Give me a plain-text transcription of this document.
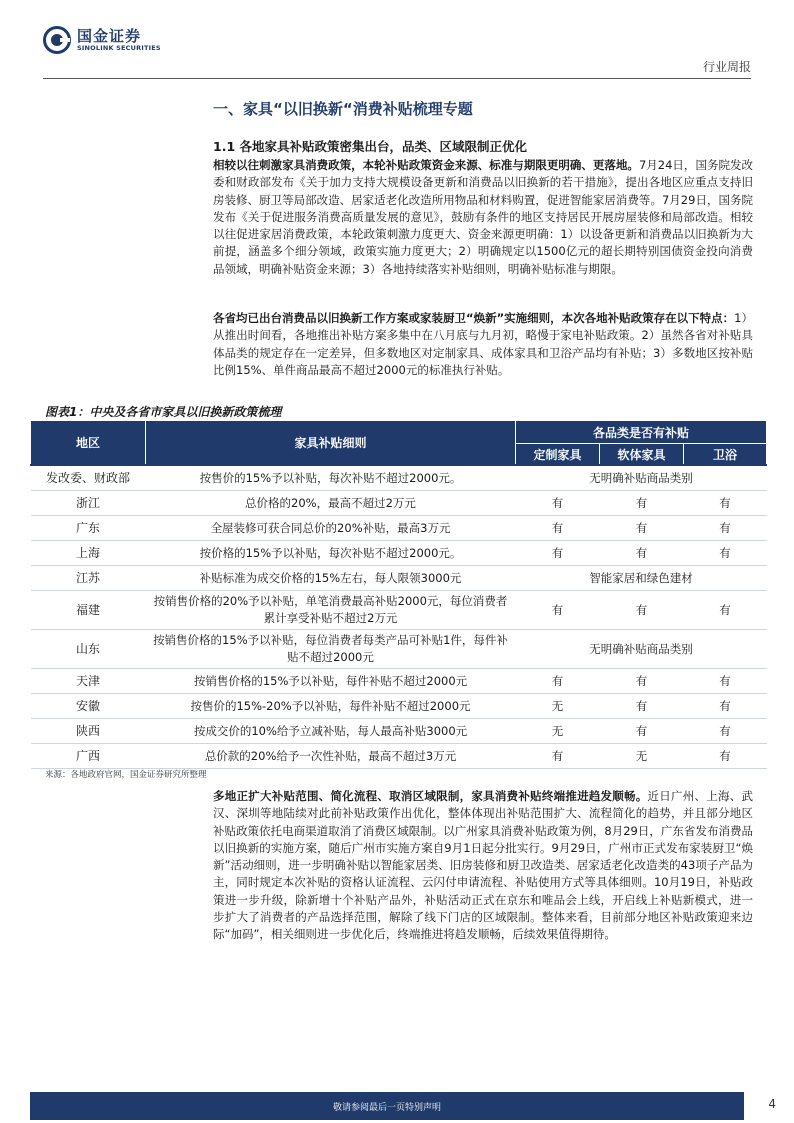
国金证券
SINOLINK SECURITIES
行业周报
一、家具“以旧换新“消费补贴梳理专题
1.1 各地家具补贴政策密集出台，品类、区域限制正优化

相较以往刺激家具消费政策，本轮补贴政策资金来源、标准与期限更明确、更落地。7月24日，国务院发改委和财政部发布《关于加力支持大规模设备更新和消费品以旧换新的若干措施》，提出各地区应重点支持旧房装修、厨卫等局部改造、居家适老化改造所用物品和材料购置，促进智能家居消费等。7月29日，国务院发布《关于促进服务消费高质量发展的意见》，鼓励有条件的地区支持居民开展房屋装修和局部改造。相较以往促进家居消费政策，本轮政策刺激力度更大、资金来源更明确：1）以设备更新和消费品以旧换新为大前提，涵盖多个细分领域，政策实施力度更大；2）明确规定以1500亿元的超长期特别国债资金投向消费品领域，明确补贴资金来源；3）各地持续落实补贴细则，明确补贴标准与期限。

各省均已出台消费品以旧换新工作方案或家装厨卫“焕新”实施细则，本次各地补贴政策存在以下特点：1）从推出时间看，各地推出补贴方案多集中在八月底与九月初，略慢于家电补贴政策。2）虽然各省对补贴具体品类的规定存在一定差异，但多数地区对定制家具、成体家具和卫浴产品均有补贴；3）多数地区按补贴比例15%、单件商品最高不超过2000元的标准执行补贴。

图表1：中央及各省市家具以旧换新政策梳理
地区	家具补贴细则	各品类是否有补贴		
		定制家具	软体家具	卫浴
发改委、财政部	按售价的15%予以补贴，每次补贴不超过2000元。	无明确补贴商品类别		
浙江	总价格的20%，最高不超过2万元	有	有	有
广东	全屋装修可获合同总价的20%补贴，最高3万元	有	有	有
上海	按价格的15%予以补贴，每次补贴不超过2000元。	有	有	有
江苏	补贴标准为成交价格的15%左右，每人限领3000元	智能家居和绿色建材		
福建	按销售价格的20%予以补贴，单笔消费最高补贴2000元，每位消费者累计享受补贴不超过2万元	有	有	有
山东	按销售价格的15%予以补贴，每位消费者每类产品可补贴1件，每件补贴不超过2000元	无明确补贴商品类别		
天津	按销售价格的15%予以补贴，每件补贴不超过2000元	有	有	有
安徽	按售价的15%-20%予以补贴，每件补贴不超过2000元	无	有	有
陕西	按成交价的10%给予立减补贴，每人最高补贴3000元	无	有	有
广西	总价款的20%给予一次性补贴，最高不超过3万元	有	无	有
来源：各地政府官网，国金证券研究所整理

多地正扩大补贴范围、简化流程、取消区域限制，家具消费补贴终端推进趋发顺畅。近日广州、上海、武汉、深圳等地陆续对此前补贴政策作出优化，整体体现出补贴范围扩大、流程简化的趋势，并且部分地区补贴政策依托电商渠道取消了消费区域限制。以广州家具消费补贴政策为例，8月29日，广东省发布消费品以旧换新的实施方案，随后广州市实施方案自9月1日起分批实行。9月29日，广州市正式发布家装厨卫“焕新”活动细则，进一步明确补贴以智能家居类、旧房装修和厨卫改造类、居家适老化改造类的43项子产品为主，同时规定本次补贴的资格认证流程、云闪付申请流程、补贴使用方式等具体细则。10月19日，补贴政策进一步升级，除新增十个补贴产品外，补贴活动正式在京东和唯品会上线，开启线上补贴新模式，进一步扩大了消费者的产品选择范围，解除了线下门店的区域限制。整体来看，目前部分地区补贴政策迎来边际“加码”，相关细则进一步优化后，终端推进将趋发顺畅，后续效果值得期待。

敬请参阅最后一页特别声明	4
